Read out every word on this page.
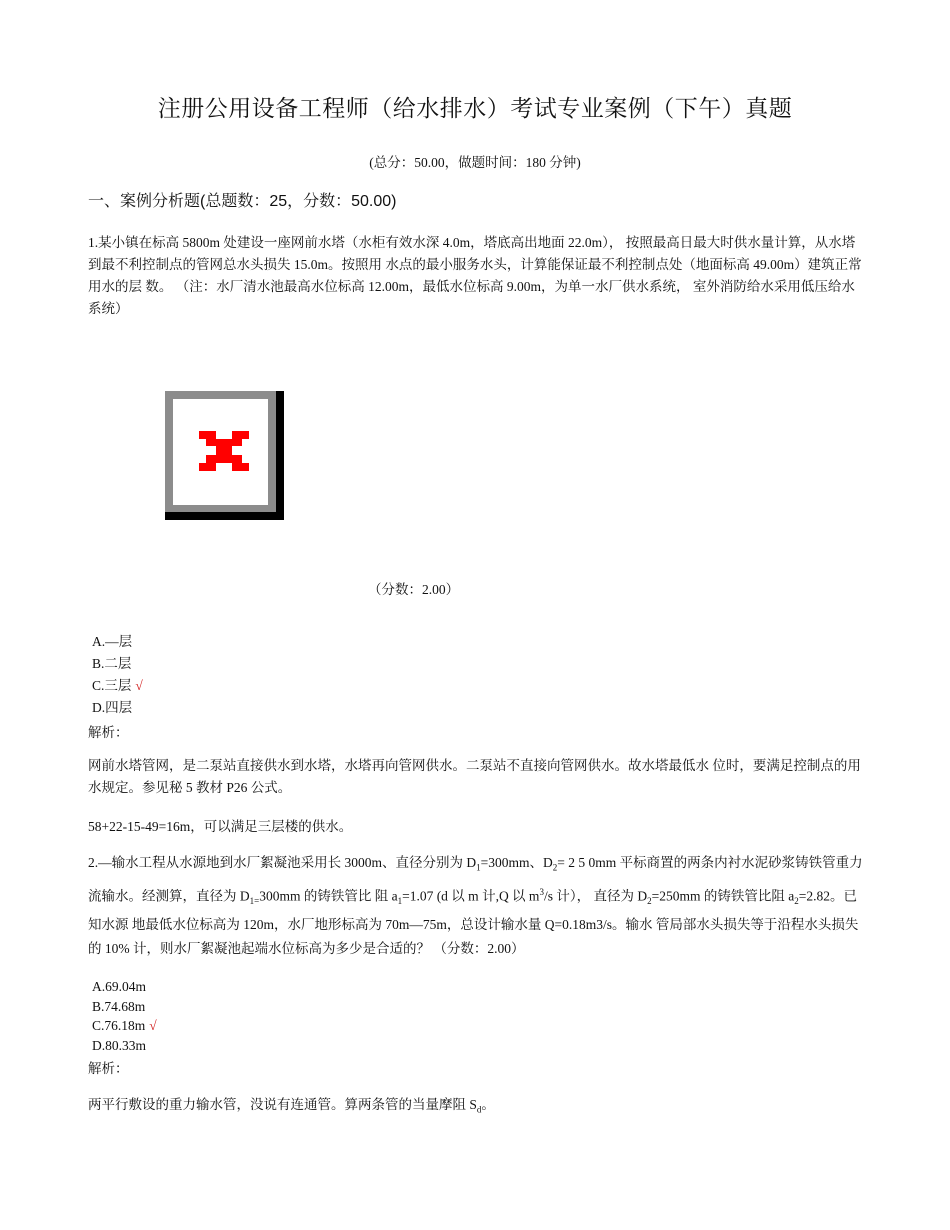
注册公用设备工程师（给水排水）考试专业案例（下午）真题
(总分：50.00，做题时间：180 分钟)
一、案例分析题(总题数：25，分数：50.00)
1.某小镇在标高 5800m 处建设一座网前水塔（水柜有效水深 4.0m，塔底高出地面 22.0m）， 按照最高日最大时供水量计算，从水塔到最不利控制点的管网总水头损失 15.0m。按照用 水点的最小服务水头，计算能保证最不利控制点处（地面标高 49.00m）建筑正常用水的层 数。 （注：水厂清水池最高水位标高 12.00m，最低水位标高 9.00m，为单一水厂供水系统， 室外消防给水采用低压给水系统）
（分数：2.00）
A.—层
B.二层
C.三层 √
D.四层
解析：
网前水塔管网，是二泵站直接供水到水塔，水塔再向管网供水。二泵站不直接向管网供水。故水塔最低水 位时，要满足控制点的用水规定。参见秘 5 教材 P26 公式。
58+22-15-49=16m，可以满足三层楼的供水。
2.—输水工程从水源地到水厂絮凝池采用长 3000m、直径分别为 $D_1=300mm$、$D_2= 2$ 5 0mm 平标商置的两条内衬水泥砂浆铸铁管重力流输水。经测算，直径为 $D_{1=}300mm$ 的铸铁管比 阻 $a_1=1.07$ (d 以 m 计,Q 以 $m^3/s$ 计）， 直径为 $D_2=250mm$ 的铸铁管比阻 $a_2=2.82$。已知水源 地最低水位标高为 120m，水厂地形标高为 70m—75m，总设计输水量 Q=0.18m3/s。输水 管局部水头损失等于沿程水头损失的 10% 计，则水厂絮凝池起端水位标高为多少是合适的？ （分数：2.00）
A.69.04m
B.74.68m
C.76.18m √
D.80.33m
解析：
两平行敷设的重力输水管，没说有连通管。算两条管的当量摩阻 $S_d$。
